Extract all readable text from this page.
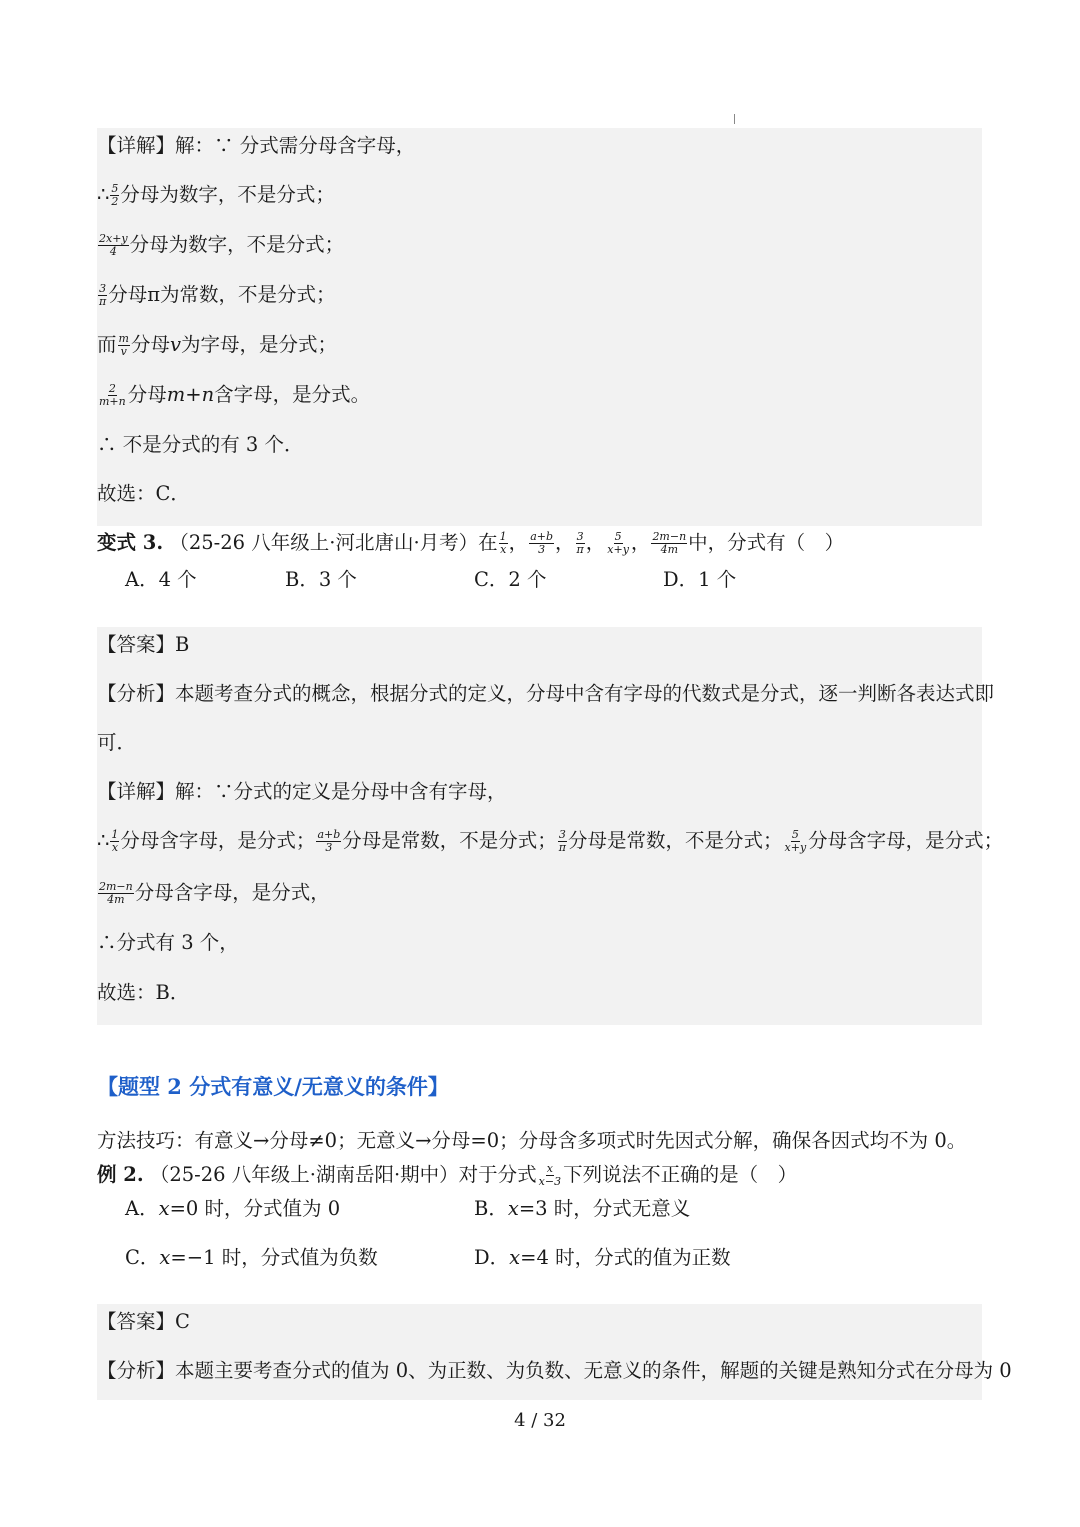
【详解】解：∵ 分式需分母含字母，
∴ $\frac{5}{2}$ 分母为数字，不是分式；
$\frac{2x+y}{4}$ 分母为数字，不是分式；
$\frac{3}{\pi}$ 分母π为常数，不是分式；
而 $\frac{m}{v}$ 分母 v 为字母，是分式；
$\frac{2}{m+n}$ 分母 m+n 含字母，是分式。
∴ 不是分式的有 3 个．
故选：C．
变式 3.
（25-26 八年级上·河北唐山·月考）在 $\frac{1}{x}$ ， $\frac{a+b}{3}$ ， $\frac{3}{\pi}$ ， $\frac{5}{x+y}$ ， $\frac{2m-n}{4m}$ 中，分式有（　）
A．4 个	B．3 个	C．2 个	D．1 个
【答案】B
【分析】本题考查分式的概念，根据分式的定义，分母中含有字母的代数式是分式，逐一判断各表达式即
可．
【详解】解：∵分式的定义是分母中含有字母，
∴ $\frac{1}{x}$ 分母含字母，是分式； $\frac{a+b}{3}$ 分母是常数，不是分式； $\frac{3}{\pi}$ 分母是常数，不是分式； $\frac{5}{x+y}$ 分母含字母，是分式；
$\frac{2m-n}{4m}$ 分母含字母，是分式，
∴分式有 3 个，
故选：B．
【题型 2 分式有意义/无意义的条件】
方法技巧：有意义→分母≠0；无意义→分母=0；分母含多项式时先因式分解，确保各因式均不为 0。
例 2.
（25-26 八年级上·湖南岳阳·期中）对于分式 $\frac{x}{x-3}$ 下列说法不正确的是（　）
A．x=0 时，分式值为 0	B．x=3 时，分式无意义
C．x=−1 时，分式值为负数	D．x=4 时，分式的值为正数
【答案】C
【分析】本题主要考查分式的值为 0、为正数、为负数、无意义的条件，解题的关键是熟知分式在分母为 0
4 / 32
